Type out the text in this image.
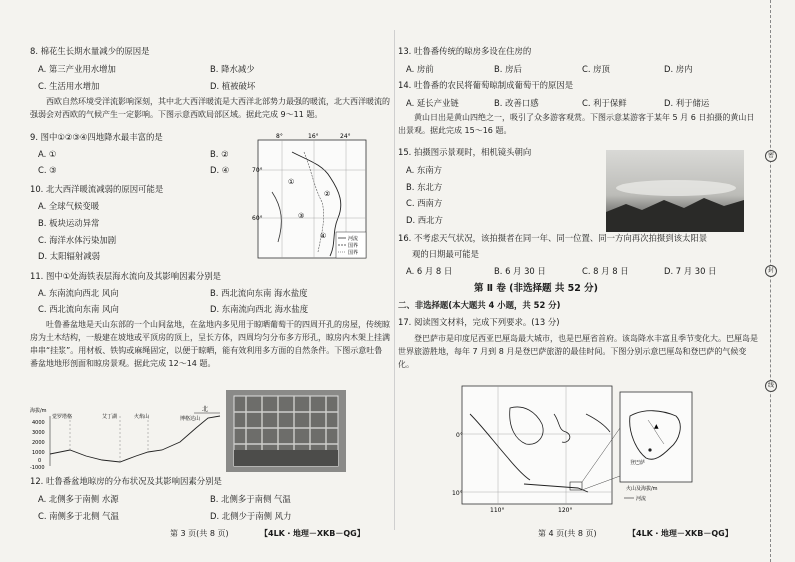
8. 棉花生长期水量减少的原因是
A. 第三产业用水增加	B. 降水减少
C. 生活用水增加	D. 植被破坏
西欧自然环境受洋流影响深刻，其中北大西洋暖流是大西洋北部势力最强的暖流，北大西洋暖流的强弱会对西欧的气候产生一定影响。下图示意西欧局部区域。据此完成 9～11 题。
9. 图中①②③④四地降水最丰富的是
A. ①	B. ②
C. ③	D. ④
10. 北大西洋暖流减弱的原因可能是
A. 全球气候变暖
B. 板块运动异常
C. 海洋水体污染加剧
D. 太阳辐射减弱
8°	16°	24°
70°
60°
①
②
③
④	河流
国界
国界
11. 图中①处海铁表层海水流向及其影响因素分别是
A. 东南流向西北 风向	B. 西北流向东南 海水盐度
C. 西北流向东南 风向	D. 东南流向西北 海水盐度
吐鲁番盆地是天山东部的一个山间盆地，在盆地内多见用于晾晒葡萄干的四周开孔的房屋，传统晾房为土木结构，一般建在坡地或平顶房的顶上，呈长方体，四周均匀分布多方形孔，晾房内木架上挂满串串“挂浆”。用材板、铁钩或麻绳固定，以便于晾晒，能有效利用多方面的自然条件。下图示意吐鲁番盆地地形剖面和晾房景观。据此完成 12～14 题。
海拔/m
4000
3000
2000
1000
0
-1000
觉罗塔格	艾丁湖	火焰山	博格达山
北
12. 吐鲁番盆地晾房的分布状况及其影响因素分别是
A. 北侧多于南侧 水源	B. 北侧多于南侧 气温
C. 南侧多于北侧 气温	D. 北侧少于南侧 风力
第 3 页(共 8 页)	【4LK・地理－XKB－QG】
13. 吐鲁番传统的晾房多设在住房的
A. 房前	B. 房后	C. 房顶	D. 房内
14. 吐鲁番的农民将葡萄晾制成葡萄干的原因是
A. 延长产业链	B. 改善口感	C. 利于保鲜	D. 利于储运
黄山日出是黄山四绝之一，吸引了众多游客观赏。下图示意某游客于某年 5 月 6 日拍摄的黄山日出景观。据此完成 15～16 题。
15. 拍摄图示景观时，相机镜头朝向
A. 东南方
B. 东北方
C. 西南方
D. 西北方
16. 不考虑天气状况，该拍摄者在同一年、同一位置、同一方向再次拍摄到该太阳景
观的日期最可能是
A. 6 月 8 日	B. 6 月 30 日	C. 8 月 8 日	D. 7 月 30 日
第 Ⅱ 卷 (非选择题 共 52 分)
二、非选择题(本大题共 4 小题，共 52 分)
17. 阅读图文材料，完成下列要求。(13 分)
登巴萨市是印度尼西亚巴厘岛最大城市，也是巴厘省首府。该岛降水丰富且季节变化大。巴厘岛是世界旅游胜地，每年 7 月到 8 月是登巴萨旅游的最佳时间。下图分别示意巴厘岛和登巴萨的气候变化。
0°
10°
110°	120°
▲
登巴萨
火山及海拔/m
河流
第 4 页(共 8 页)	【4LK・地理－XKB－QG】
密
封
线
